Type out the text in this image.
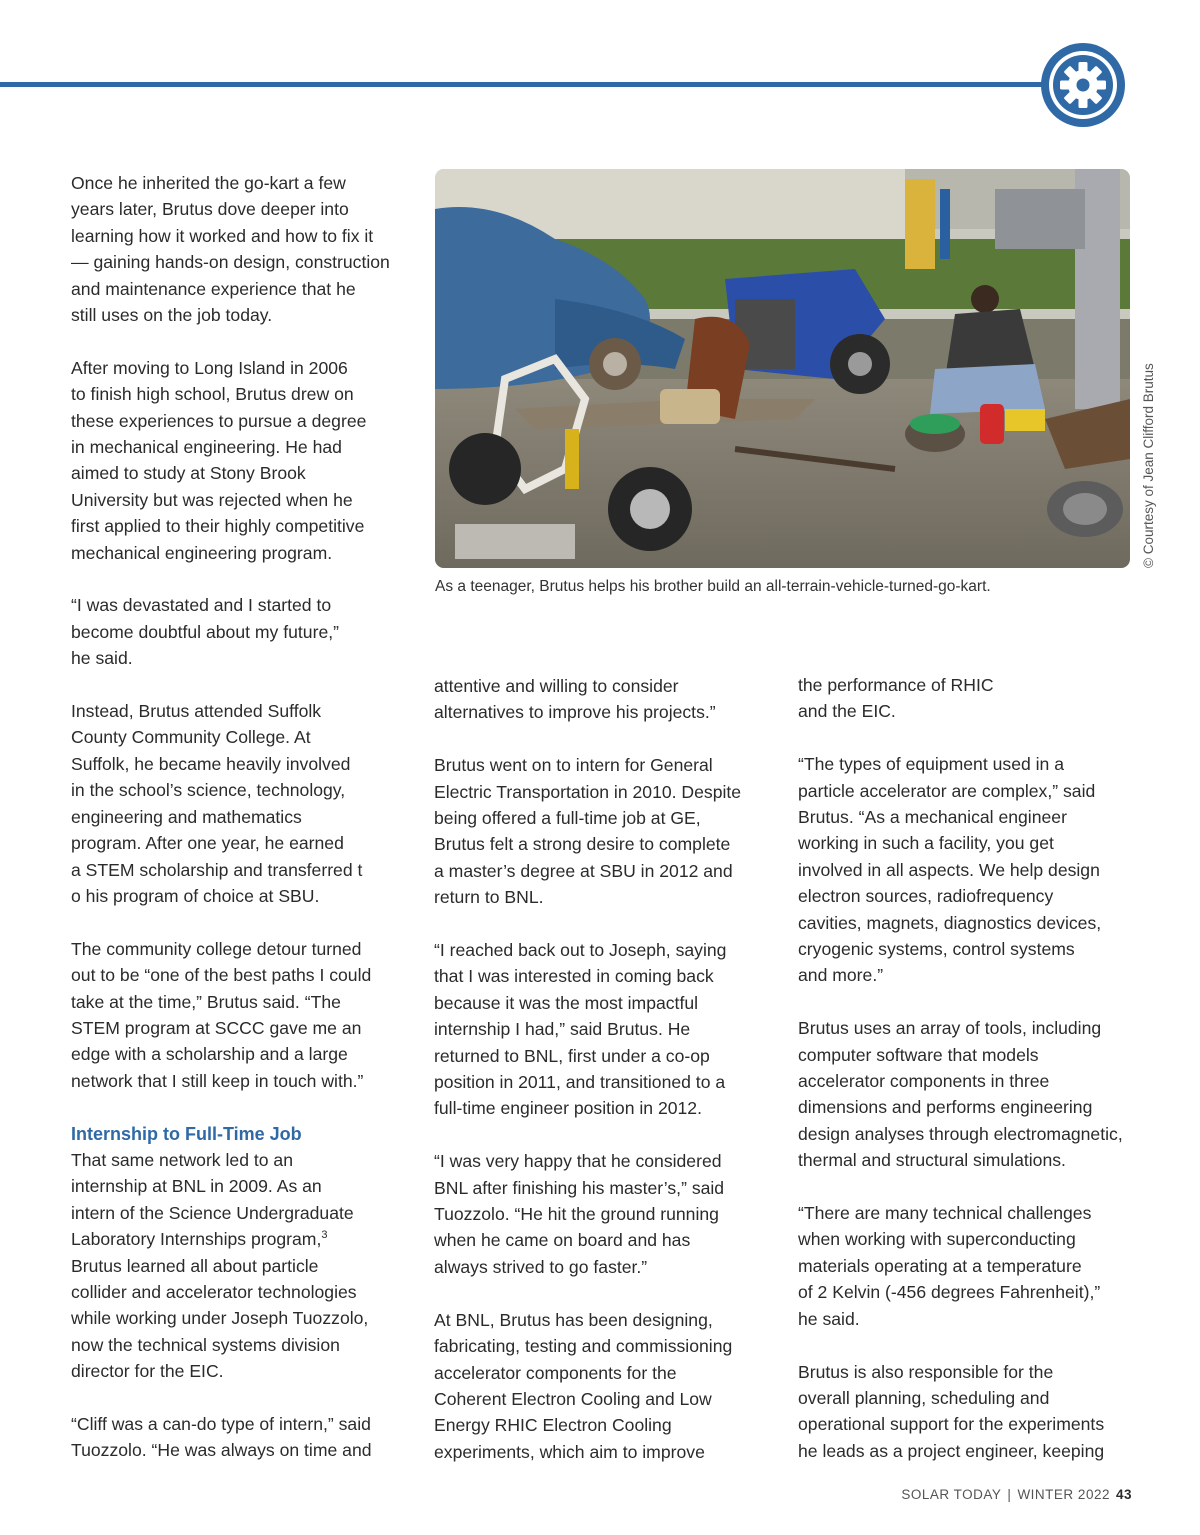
Once he inherited the go-kart a few
years later, Brutus dove deeper into
learning how it worked and how to fix it
— gaining hands-on design, construction
and maintenance experience that he
still uses on the job today.

After moving to Long Island in 2006
to finish high school, Brutus drew on
these experiences to pursue a degree
in mechanical engineering. He had
aimed to study at Stony Brook
University but was rejected when he
first applied to their highly competitive
mechanical engineering program.

“I was devastated and I started to
become doubtful about my future,”
he said.

Instead, Brutus attended Suffolk
County Community College. At
Suffolk, he became heavily involved
in the school’s science, technology,
engineering and mathematics
program. After one year, he earned
a STEM scholarship and transferred t
o his program of choice at SBU.

The community college detour turned
out to be “one of the best paths I could
take at the time,” Brutus said. “The
STEM program at SCCC gave me an
edge with a scholarship and a large
network that I still keep in touch with.”

Internship to Full-Time Job

That same network led to an
internship at BNL in 2009. As an
intern of the Science Undergraduate
Laboratory Internships program,$^3$
Brutus learned all about particle
collider and accelerator technologies
while working under Joseph Tuozzolo,
now the technical systems division
director for the EIC.

“Cliff was a can-do type of intern,” said
Tuozzolo. “He was always on time and

© Courtesy of Jean Clifford Brutus
As a teenager, Brutus helps his brother build an all-terrain-vehicle-turned-go-kart.

attentive and willing to consider
alternatives to improve his projects.”

Brutus went on to intern for General
Electric Transportation in 2010. Despite
being offered a full-time job at GE,
Brutus felt a strong desire to complete
a master’s degree at SBU in 2012 and
return to BNL.

“I reached back out to Joseph, saying
that I was interested in coming back
because it was the most impactful
internship I had,” said Brutus. He
returned to BNL, first under a co-op
position in 2011, and transitioned to a
full-time engineer position in 2012.

“I was very happy that he considered
BNL after finishing his master’s,” said
Tuozzolo. “He hit the ground running
when he came on board and has
always strived to go faster.”

At BNL, Brutus has been designing,
fabricating, testing and commissioning
accelerator components for the
Coherent Electron Cooling and Low
Energy RHIC Electron Cooling
experiments, which aim to improve

the performance of RHIC
and the EIC.

“The types of equipment used in a
particle accelerator are complex,” said
Brutus. “As a mechanical engineer
working in such a facility, you get
involved in all aspects. We help design
electron sources, radiofrequency
cavities, magnets, diagnostics devices,
cryogenic systems, control systems
and more.”

Brutus uses an array of tools, including
computer software that models
accelerator components in three
dimensions and performs engineering
design analyses through electromagnetic,
thermal and structural simulations.

“There are many technical challenges
when working with superconducting
materials operating at a temperature
of 2 Kelvin (-456 degrees Fahrenheit),”
he said.

Brutus is also responsible for the
overall planning, scheduling and
operational support for the experiments
he leads as a project engineer, keeping

SOLAR TODAY | WINTER 2022 43
